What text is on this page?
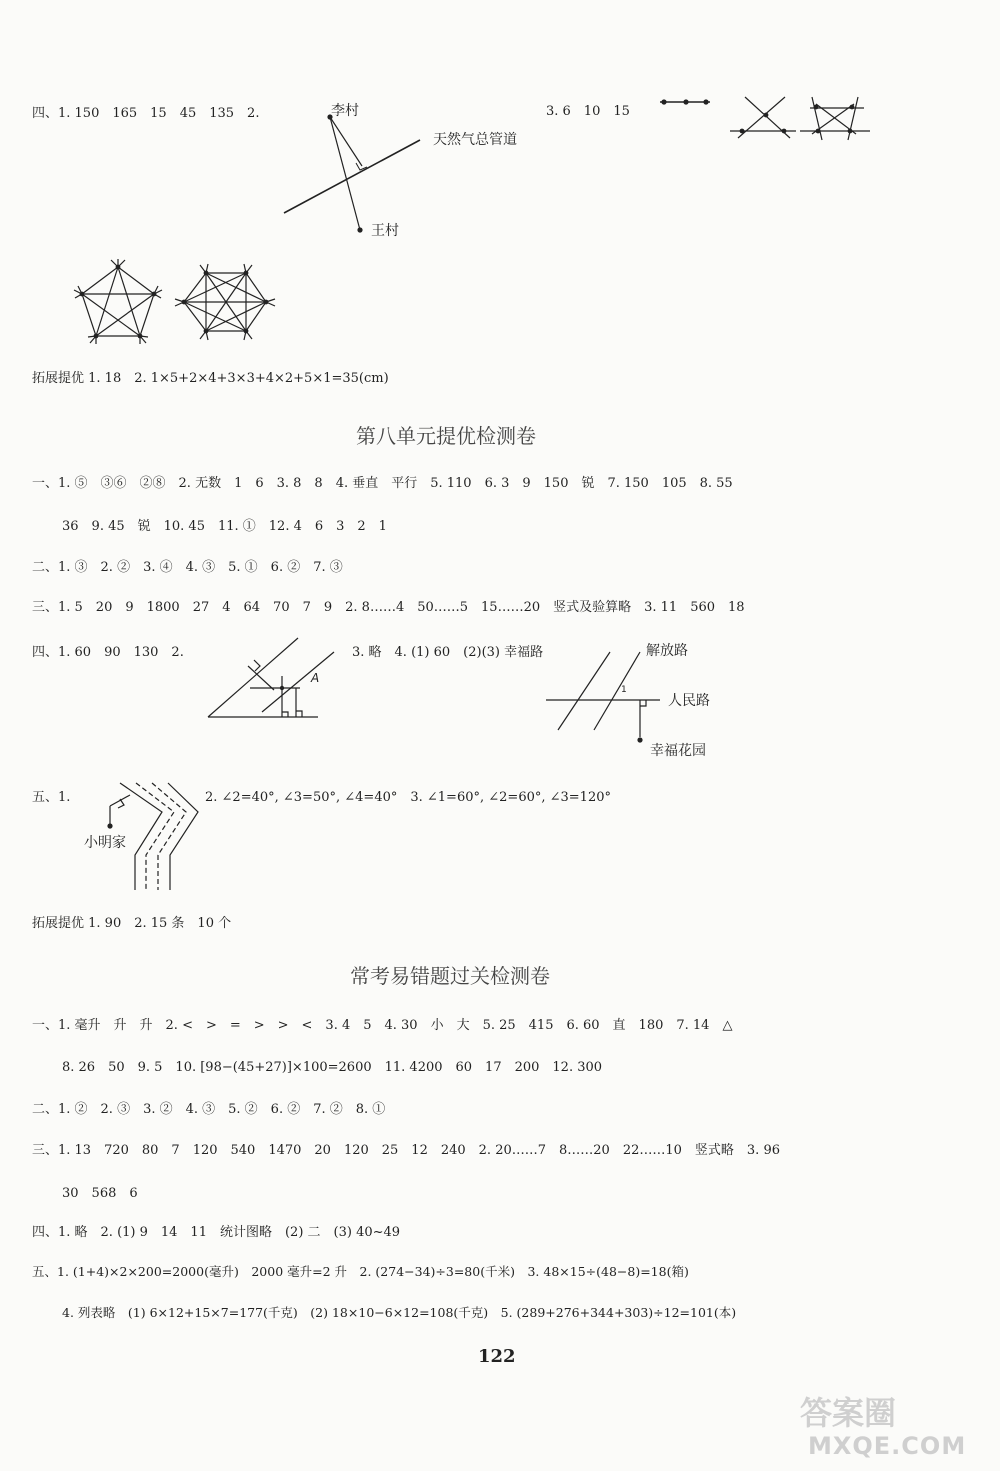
四、1. 150　165　15　45　135　2.	李村
天然气总管道
王村
3. 6　10　15
拓展提优 1. 18　2. 1×5+2×4+3×3+4×2+5×1=35(cm)
第八单元提优检测卷
一、1. ⑤　③⑥　②⑧　2. 无数　1　6　3. 8　8　4. 垂直　平行　5. 110　6. 3　9　150　锐　7. 150　105　8. 55
36　9. 45　锐　10. 45　11. ①　12. 4　6　3　2　1
二、1. ③　2. ②　3. ④　4. ③　5. ①　6. ②　7. ③
三、1. 5　20　9　1800　27　4　64　70　7　9　2. 8……4　50……5　15……20　竖式及验算略　3. 11　560　18
四、1. 60　90　130　2.
A
3. 略　4. (1) 60　(2)(3) 幸福路	解放路
人民路
幸福花园
1
五、1.
小明家
2. ∠2=40°, ∠3=50°, ∠4=40°　3. ∠1=60°, ∠2=60°, ∠3=120°
拓展提优 1. 90　2. 15 条　10 个
常考易错题过关检测卷
一、1. 毫升　升　升　2. <　>　=　>　>　<　3. 4　5　4. 30　小　大　5. 25　415　6. 60　直　180　7. 14　△
8. 26　50　9. 5　10. [98−(45+27)]×100=2600　11. 4200　60　17　200　12. 300
二、1. ②　2. ③　3. ②　4. ③　5. ②　6. ②　7. ②　8. ①
三、1. 13　720　80　7　120　540　1470　20　120　25　12　240　2. 20……7　8……20　22……10　竖式略　3. 96
30　568　6
四、1. 略　2. (1) 9　14　11　统计图略　(2) 二　(3) 40~49
五、1. (1+4)×2×200=2000(毫升)　2000 毫升=2 升　2. (274−34)÷3=80(千米)　3. 48×15÷(48−8)=18(箱)
4. 列表略　(1) 6×12+15×7=177(千克)　(2) 18×10−6×12=108(千克)　5. (289+276+344+303)÷12=101(本)
122
答案圈
MXQE.COM
